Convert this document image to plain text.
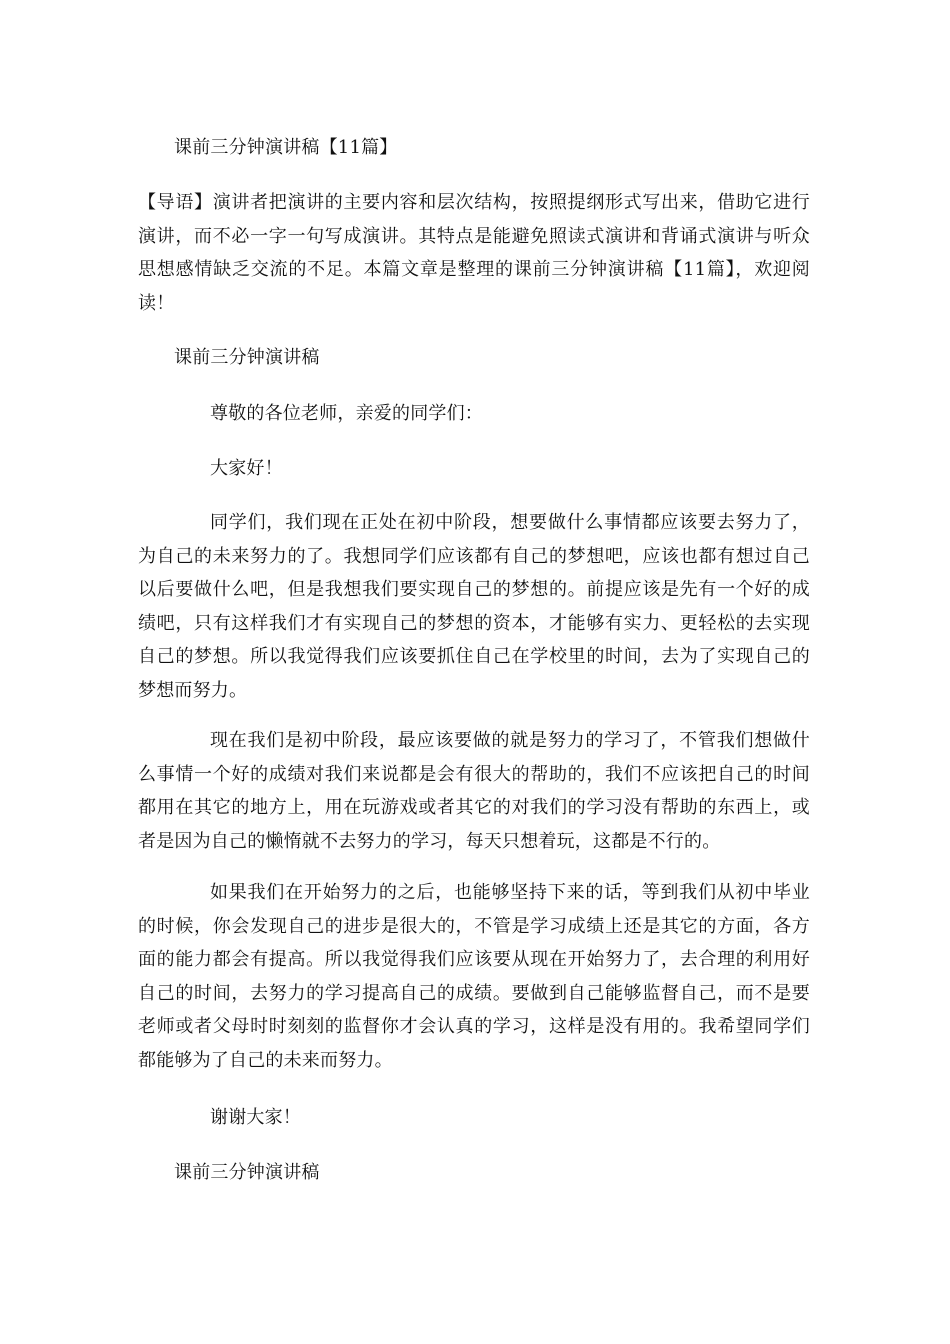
课前三分钟演讲稿【11篇】
【导语】演讲者把演讲的主要内容和层次结构，按照提纲形式写出来，借助它进行演讲，而不必一字一句写成演讲。其特点是能避免照读式演讲和背诵式演讲与听众思想感情缺乏交流的不足。本篇文章是整理的课前三分钟演讲稿【11篇】，欢迎阅读！
课前三分钟演讲稿
尊敬的各位老师，亲爱的同学们：
大家好！
同学们，我们现在正处在初中阶段，想要做什么事情都应该要去努力了，为自己的未来努力的了。我想同学们应该都有自己的梦想吧，应该也都有想过自己以后要做什么吧，但是我想我们要实现自己的梦想的。前提应该是先有一个好的成绩吧，只有这样我们才有实现自己的梦想的资本，才能够有实力、更轻松的去实现自己的梦想。所以我觉得我们应该要抓住自己在学校里的时间，去为了实现自己的梦想而努力。
现在我们是初中阶段，最应该要做的就是努力的学习了，不管我们想做什么事情一个好的成绩对我们来说都是会有很大的帮助的，我们不应该把自己的时间都用在其它的地方上，用在玩游戏或者其它的对我们的学习没有帮助的东西上，或者是因为自己的懒惰就不去努力的学习，每天只想着玩，这都是不行的。
如果我们在开始努力的之后，也能够坚持下来的话，等到我们从初中毕业的时候，你会发现自己的进步是很大的，不管是学习成绩上还是其它的方面，各方面的能力都会有提高。所以我觉得我们应该要从现在开始努力了，去合理的利用好自己的时间，去努力的学习提高自己的成绩。要做到自己能够监督自己，而不是要老师或者父母时时刻刻的监督你才会认真的学习，这样是没有用的。我希望同学们都能够为了自己的未来而努力。
谢谢大家！
课前三分钟演讲稿
